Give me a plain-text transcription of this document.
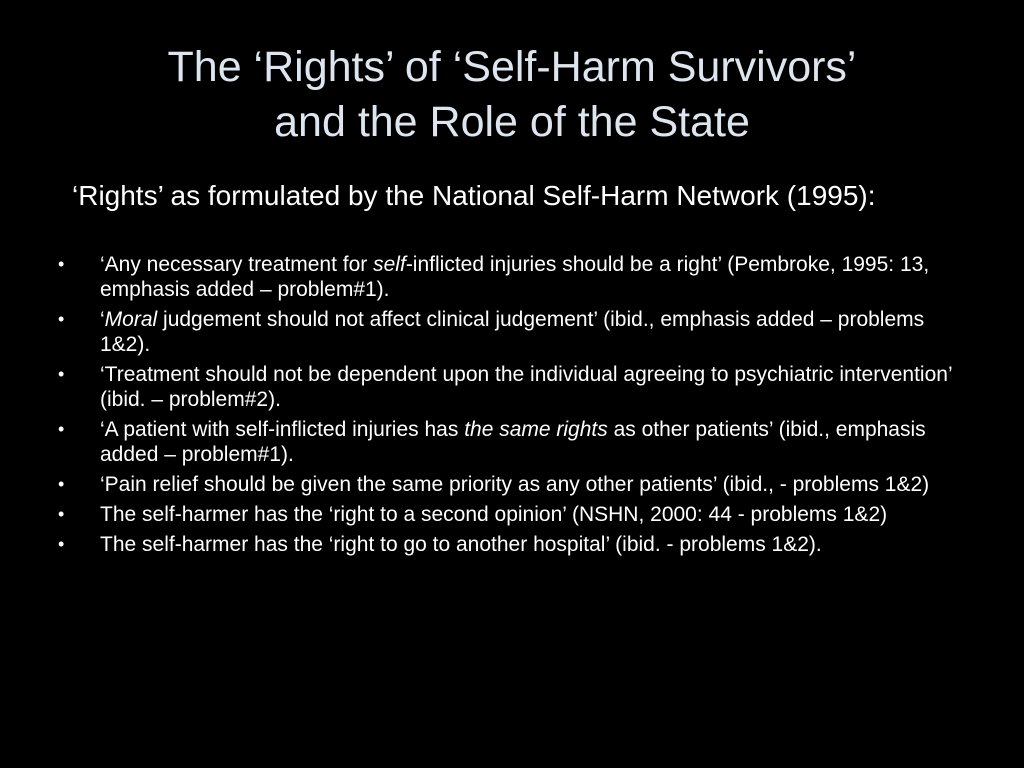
The ‘Rights’ of ‘Self-Harm Survivors’
and the Role of the State

‘Rights’ as formulated by the National Self-Harm Network (1995):

•	‘Any necessary treatment for self-inflicted injuries should be a right’ (Pembroke, 1995: 13, emphasis added – problem#1).
•	‘Moral judgement should not affect clinical judgement’ (ibid., emphasis added – problems 1&2).
•	‘Treatment should not be dependent upon the individual agreeing to psychiatric intervention’ (ibid. – problem#2).
•	‘A patient with self-inflicted injuries has the same rights as other patients’ (ibid., emphasis added – problem#1).
•	‘Pain relief should be given the same priority as any other patients’ (ibid., - problems 1&2)
•	The self-harmer has the ‘right to a second opinion’ (NSHN, 2000: 44 - problems 1&2)
•	The self-harmer has the ‘right to go to another hospital’ (ibid. - problems 1&2).
